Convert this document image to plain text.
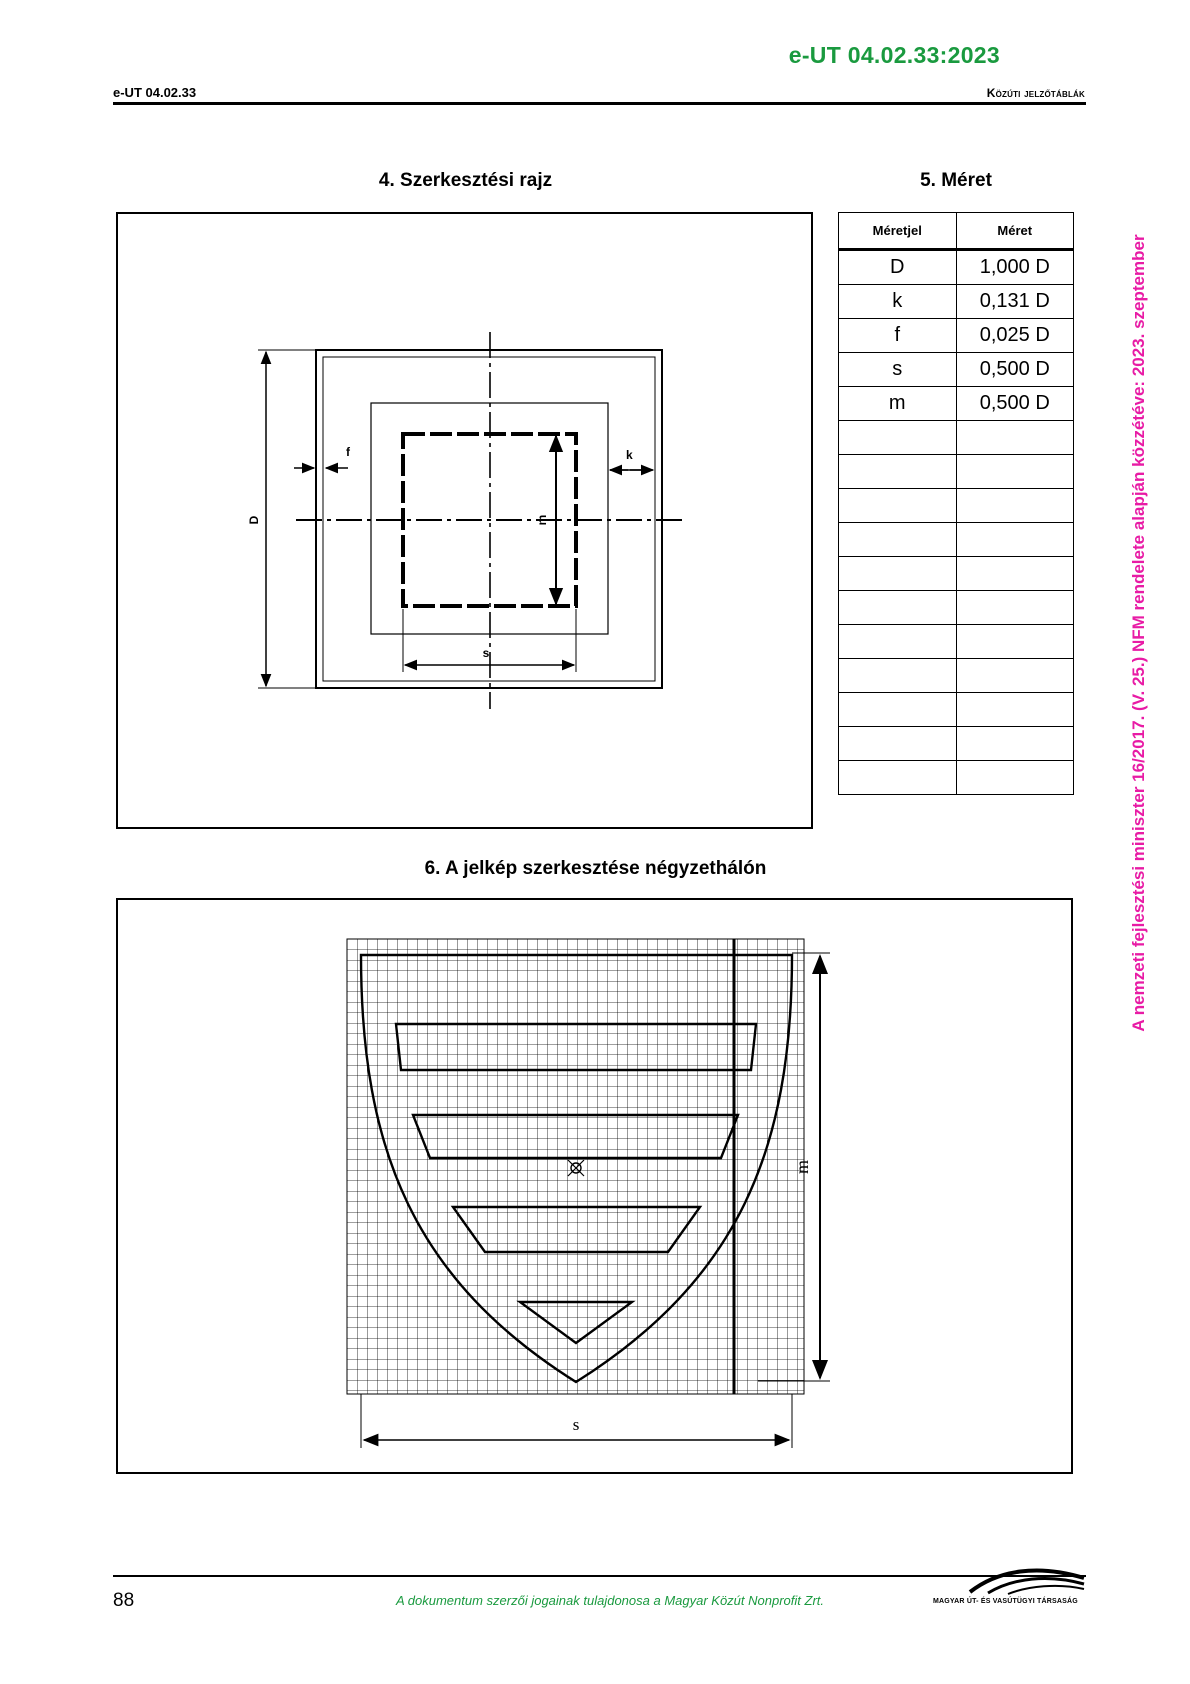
e-UT 04.02.33:2023
e-UT 04.02.33	Közúti jelzőtáblák
4. Szerkesztési rajz	5. Méret
6. A jelkép szerkesztése négyzethálón
D
f	k
m
s
Méretjel	Méret
D	1,000 D
k	0,131 D
f	0,025 D
s	0,500 D
m	0,500 D

m
s
A nemzeti fejlesztési miniszter 16/2017. (V. 25.) NFM rendelete alapján közzétéve: 2023. szeptember
88	A dokumentum szerzői jogainak tulajdonosa a Magyar Közút Nonprofit Zrt.	MAGYAR ÚT- ÉS VASÚTÜGYI TÁRSASÁG
